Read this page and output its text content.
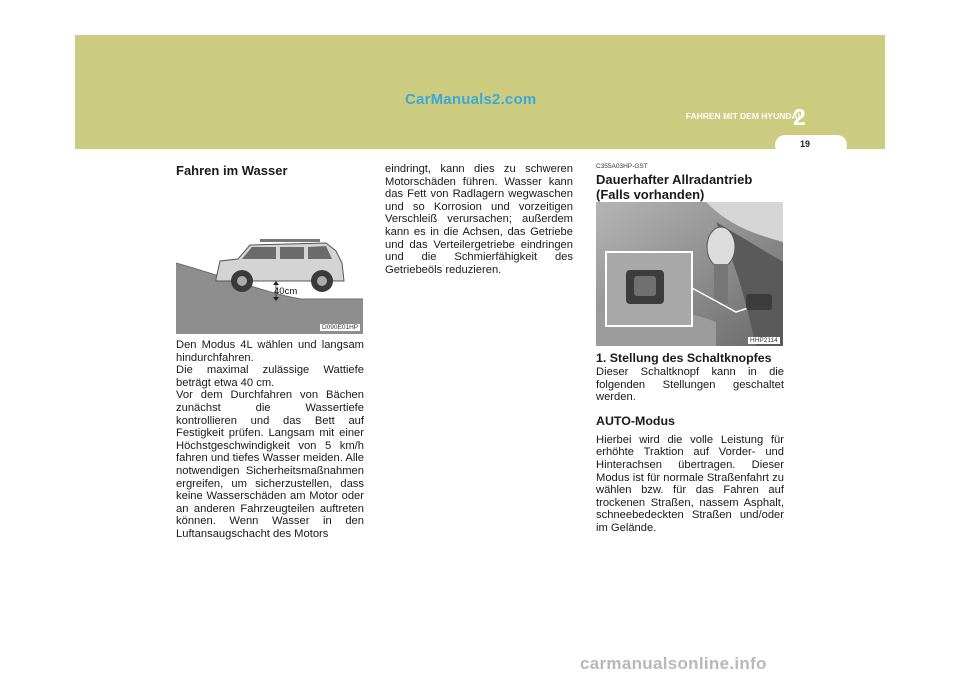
CarManuals2.com
FAHREN MIT DEM HYUNDAI
2
19
Fahren im Wasser
40cm
D090E01HP

Den Modus 4L wählen und langsam hindurchfahren.

Die maximal zulässige Wattiefe beträgt etwa 40 cm.

Vor dem Durchfahren von Bächen zunächst die Wassertiefe kontrollieren und das Bett auf Festigkeit prüfen. Langsam mit einer Höchstgeschwindigkeit von 5 km/h fahren und tiefes Wasser meiden. Alle notwendigen Sicherheitsmaßnahmen ergreifen, um sicherzustellen, dass keine Wasserschäden am Motor oder an anderen Fahrzeugteilen auftreten können. Wenn Wasser in den Luftansaugschacht des Motors

eindringt, kann dies zu schweren Motorschäden führen. Wasser kann das Fett von Radlagern wegwaschen und so Korrosion und vorzeitigen Verschleiß verursachen; außerdem kann es in die Achsen, das Getriebe und das Verteilergetriebe eindringen und die Schmierfähigkeit des Getriebeöls reduzieren.

C355A03HP-GST
Dauerhafter Allradantrieb (Falls vorhanden)
HHP2114
1. Stellung des Schaltknopfes

Dieser Schaltknopf kann in die folgenden Stellungen geschaltet werden.

AUTO-Modus

Hierbei wird die volle Leistung für erhöhte Traktion auf Vorder- und Hinterachsen übertragen. Dieser Modus ist für normale Straßenfahrt zu wählen bzw. für das Fahren auf trockenen Straßen, nassem Asphalt, schneebedeckten Straßen und/oder im Gelände.

carmanualsonline.info
